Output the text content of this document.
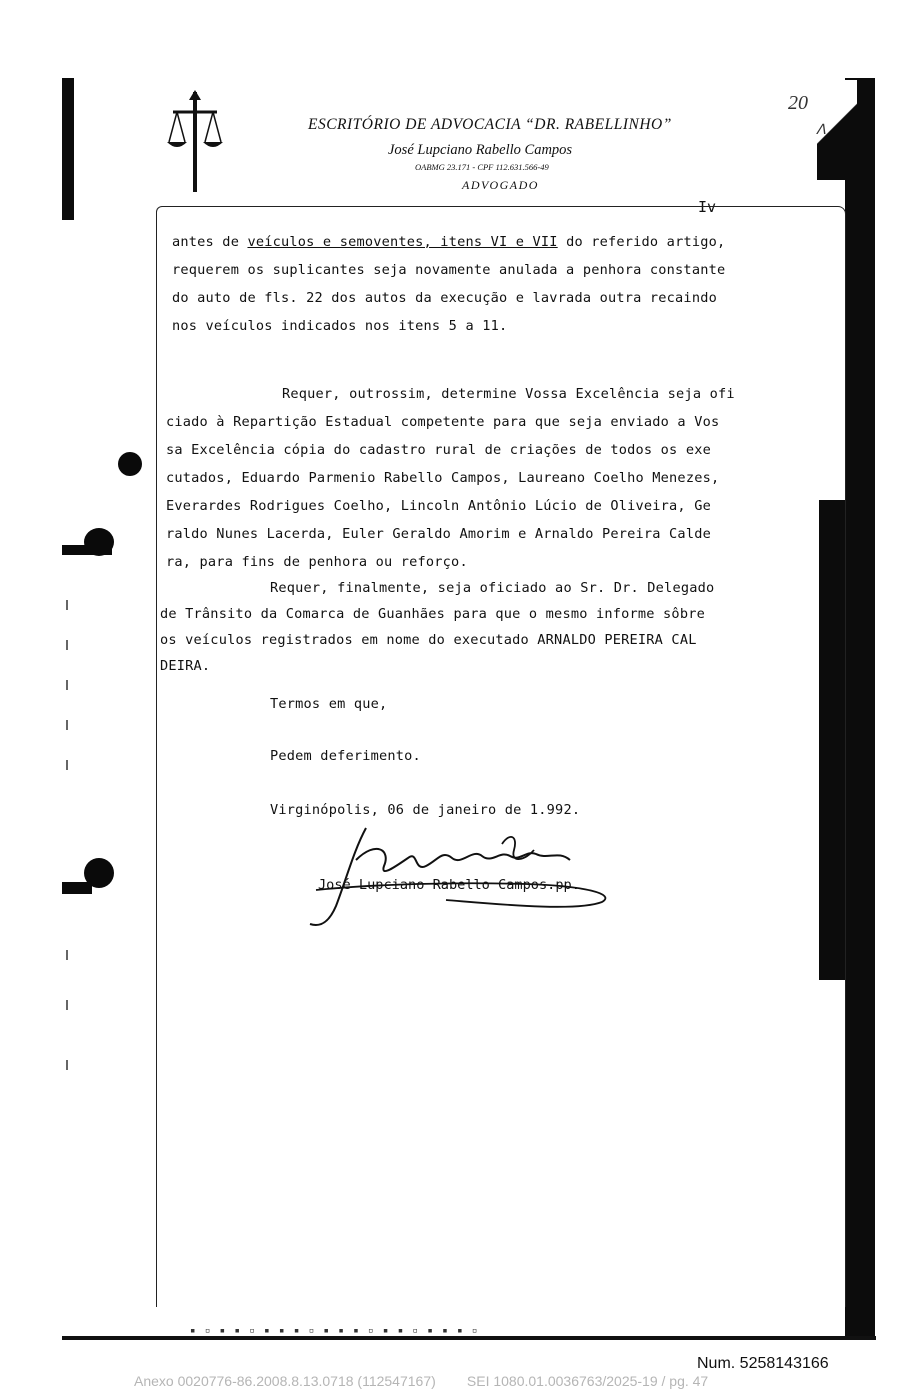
ESCRITÓRIO DE ADVOCACIA “DR. RABELLINHO”
José Lupciano Rabello Campos
OABMG 23.171 - CPF 112.631.566-49
ADVOGADO
20
ᐱ
Iv
antes de veículos e semoventes, itens VI e VII do referido artigo,
requerem os suplicantes seja novamente anulada a penhora constante
do auto de fls. 22 dos autos da execução e lavrada outra recaindo
nos veículos indicados nos itens 5 a 11.
Requer, outrossim, determine Vossa Excelência seja ofi
ciado à Repartição Estadual competente para que seja enviado a Vos
sa Excelência cópia do cadastro rural de criações de todos os exe
cutados, Eduardo Parmenio Rabello Campos, Laureano Coelho Menezes,
Everardes Rodrigues Coelho, Lincoln Antônio Lúcio de Oliveira, Ge
raldo Nunes Lacerda, Euler Geraldo Amorim e Arnaldo Pereira Calde
ra, para fins de penhora ou reforço.
Requer, finalmente, seja oficiado ao Sr. Dr. Delegado
de Trânsito da Comarca de Guanhães para que o mesmo informe sôbre
os veículos registrados em nome do executado ARNALDO PEREIRA CAL
DEIRA.
Termos em que,
Pedem deferimento.
Virginópolis, 06 de janeiro de 1.992.
José Lupciano Rabello Campos.pp.
▪ ▫ ▪ ▪ ▫ ▪ ▪ ▪ ▫ ▪ ▪ ▪ ▫ ▪ ▪ ▫ ▪ ▪ ▪ ▫
Num. 5258143166
Anexo 0020776-86.2008.8.13.0718 (112547167) SEI 1080.01.0036763/2025-19 / pg. 47
